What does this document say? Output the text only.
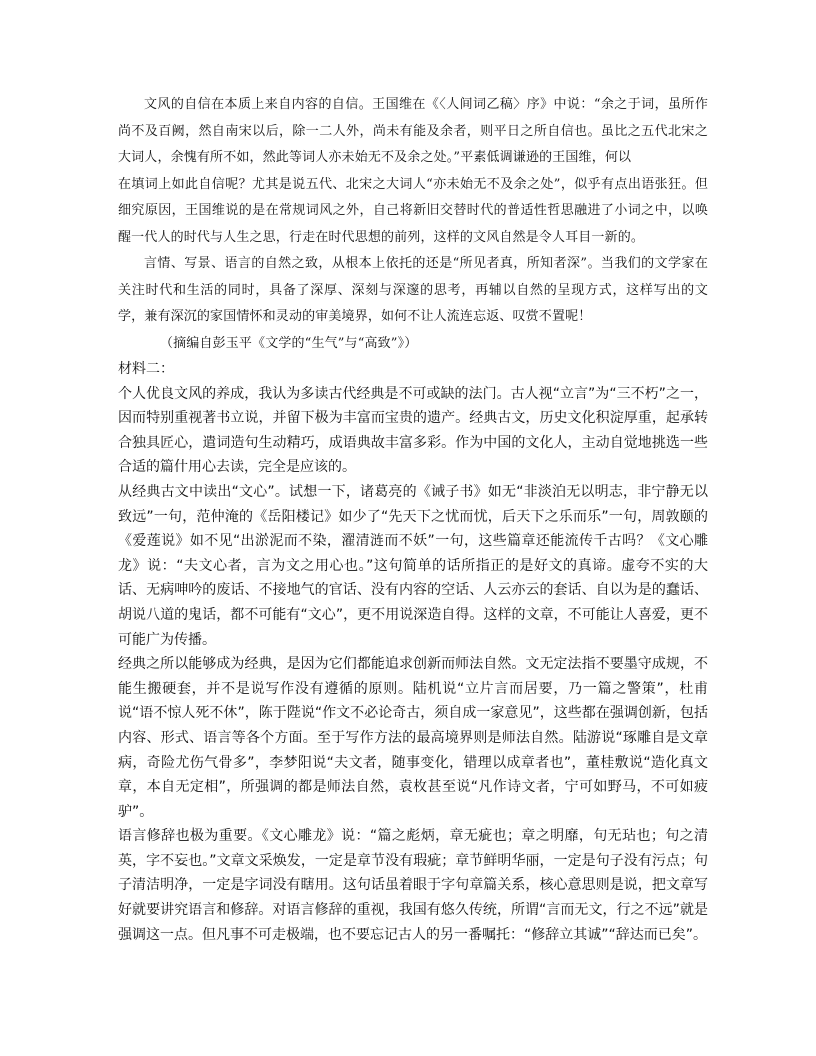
文风的自信在本质上来自内容的自信。王国维在《〈人间词乙稿〉序》中说：“余之于词，虽所作尚不及百阙，然自南宋以后，除一二人外，尚未有能及余者，则平日之所自信也。虽比之五代北宋之大词人，余愧有所不如，然此等词人亦未始无不及余之处。”平素低调谦逊的王国维，何以

在填词上如此自信呢？尤其是说五代、北宋之大词人“亦未始无不及余之处”，似乎有点出语张狂。但细究原因，王国维说的是在常规词风之外，自己将新旧交替时代的普适性哲思融进了小词之中，以唤醒一代人的时代与人生之思，行走在时代思想的前列，这样的文风自然是令人耳目一新的。

言情、写景、语言的自然之致，从根本上依托的还是“所见者真，所知者深”。当我们的文学家在关注时代和生活的同时，具备了深厚、深刻与深邃的思考，再辅以自然的呈现方式，这样写出的文学，兼有深沉的家国情怀和灵动的审美境界，如何不让人流连忘返、叹赏不置呢！

（摘编自彭玉平《文学的“生气”与“高致”》）

材料二：

个人优良文风的养成，我认为多读古代经典是不可或缺的法门。古人视“立言”为“三不朽”之一，因而特别重视著书立说，并留下极为丰富而宝贵的遗产。经典古文，历史文化积淀厚重，起承转合独具匠心，遣词造句生动精巧，成语典故丰富多彩。作为中国的文化人，主动自觉地挑选一些合适的篇什用心去读，完全是应该的。

从经典古文中读出“文心”。试想一下，诸葛亮的《诫子书》如无“非淡泊无以明志，非宁静无以致远”一句，范仲淹的《岳阳楼记》如少了“先天下之忧而忧，后天下之乐而乐”一句，周敦颐的《爱莲说》如不见“出淤泥而不染，濯清涟而不妖”一句，这些篇章还能流传千古吗？《文心雕龙》说：“夫文心者，言为文之用心也。”这句简单的话所指正的是好文的真谛。虚夸不实的大话、无病呻吟的废话、不接地气的官话、没有内容的空话、人云亦云的套话、自以为是的蠢话、胡说八道的鬼话，都不可能有“文心”，更不用说深造自得。这样的文章，不可能让人喜爱，更不可能广为传播。

经典之所以能够成为经典，是因为它们都能追求创新而师法自然。文无定法指不要墨守成规，不能生搬硬套，并不是说写作没有遵循的原则。陆机说“立片言而居要，乃一篇之警策”，杜甫说“语不惊人死不休”，陈于陛说“作文不必论奇古，须自成一家意见”，这些都在强调创新，包括内容、形式、语言等各个方面。至于写作方法的最高境界则是师法自然。陆游说“琢雕自是文章病，奇险尤伤气骨多”，李梦阳说“夫文者，随事变化，错理以成章者也”，董桂敷说“造化真文章，本自无定相”，所强调的都是师法自然，袁枚甚至说“凡作诗文者，宁可如野马，不可如疲驴”。

语言修辞也极为重要。《文心雕龙》说：“篇之彪炳，章无疵也；章之明靡，句无玷也；句之清英，字不妄也。”文章文采焕发，一定是章节没有瑕疵；章节鲜明华丽，一定是句子没有污点；句子清洁明净，一定是字词没有瞎用。这句话虽着眼于字句章篇关系，核心意思则是说，把文章写好就要讲究语言和修辞。对语言修辞的重视，我国有悠久传统，所谓“言而无文，行之不远”就是强调这一点。但凡事不可走极端，也不要忘记古人的另一番嘱托：“修辞立其诚”“辞达而已矣”。
